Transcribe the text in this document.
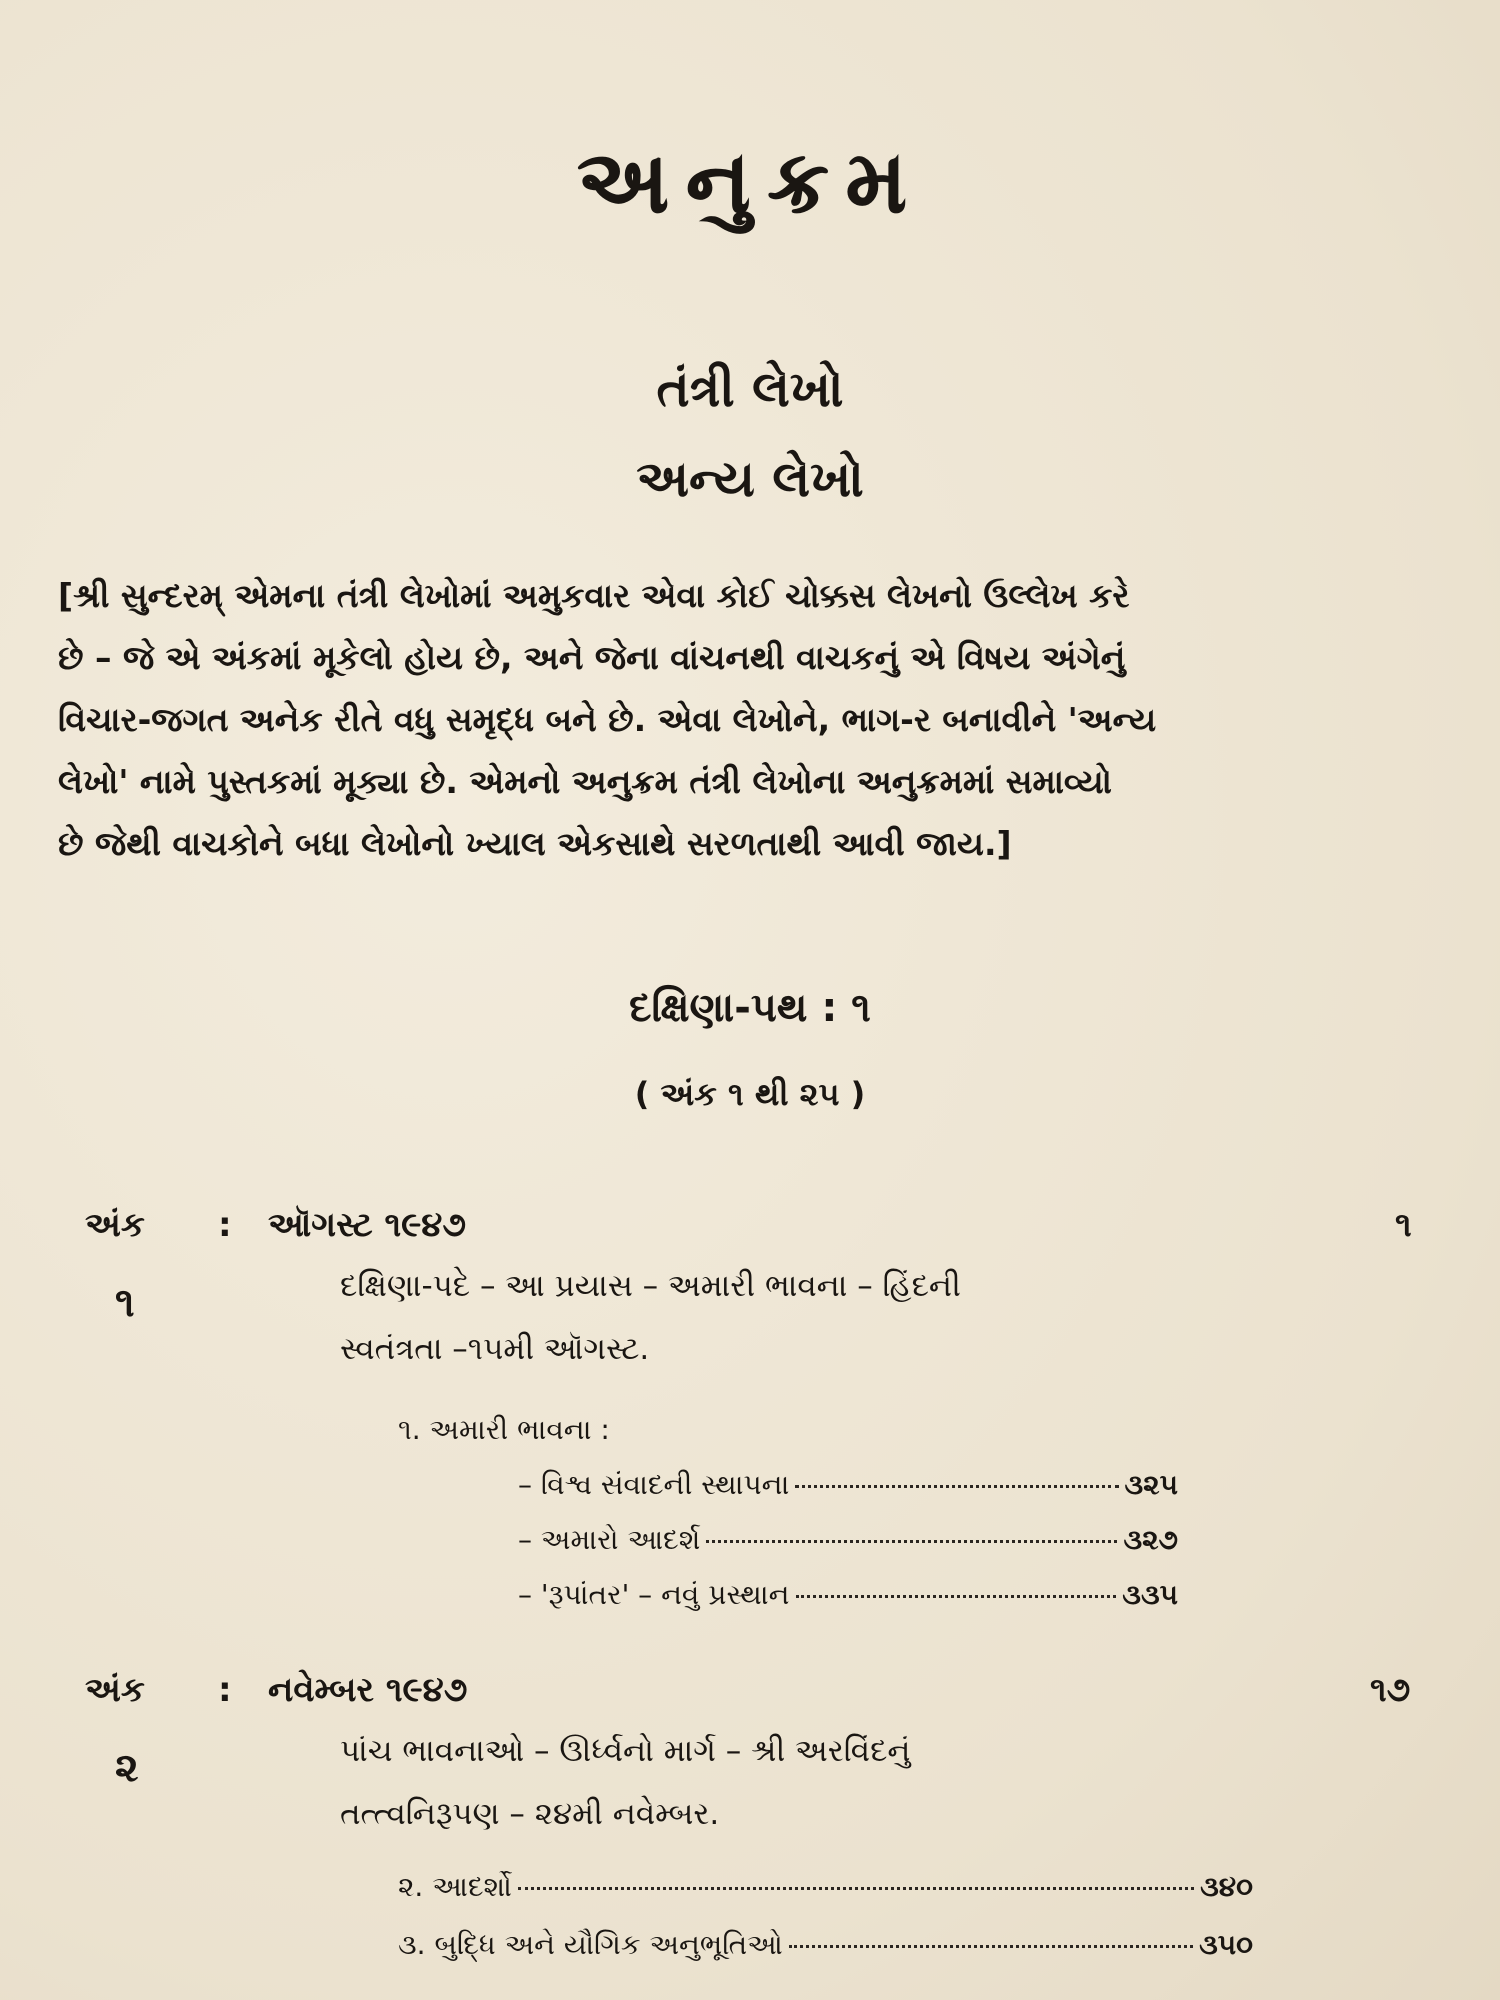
અનુક્રમ
તંત્રી લેખો
અન્ય લેખો
[શ્રી સુન્દરમ્ એમના તંત્રી લેખોમાં અમુકવાર એવા કોઈ ચોક્કસ લેખનો ઉલ્લેખ કરે
છે – જે એ અંકમાં મૂકેલો હોય છે, અને જેના વાંચનથી વાચકનું એ વિષય અંગેનું
વિચાર-જગત અનેક રીતે વધુ સમૃદ્ધ બને છે. એવા લેખોને, ભાગ-ર બનાવીને 'અન્ય
લેખો' નામે પુસ્તકમાં મૂક્યા છે. એમનો અનુક્રમ તંત્રી લેખોના અનુક્રમમાં સમાવ્યો
છે જેથી વાચકોને બધા લેખોનો ખ્યાલ એકસાથે સરળતાથી આવી જાય.]
દક્ષિણા-પથ : ૧
( અંક ૧ થી ૨૫ )
અંક : ઑગસ્ટ ૧૯૪૭	૧
૧	દક્ષિણા-પદે – આ પ્રયાસ – અમારી ભાવના – હિંદની
સ્વતંત્રતા –૧૫મી ઑગસ્ટ.
૧. અમારી ભાવના :
– વિશ્વ સંવાદની સ્થાપના	૩૨૫
– અમારો આદર્શ	૩૨૭
– 'રૂપાંતર' – નવું પ્રસ્થાન	૩૩૫
અંક : નવેમ્બર ૧૯૪૭	૧૭
૨	પાંચ ભાવનાઓ – ઊર્ધ્વનો માર્ગ – શ્રી અરવિંદનું
તત્ત્વનિરૂપણ – ૨૪મી નવેમ્બર.
૨. આદર્શો	૩૪૦
૩. બુદ્ધિ અને યૌગિક અનુભૂતિઓ	૩૫૦
